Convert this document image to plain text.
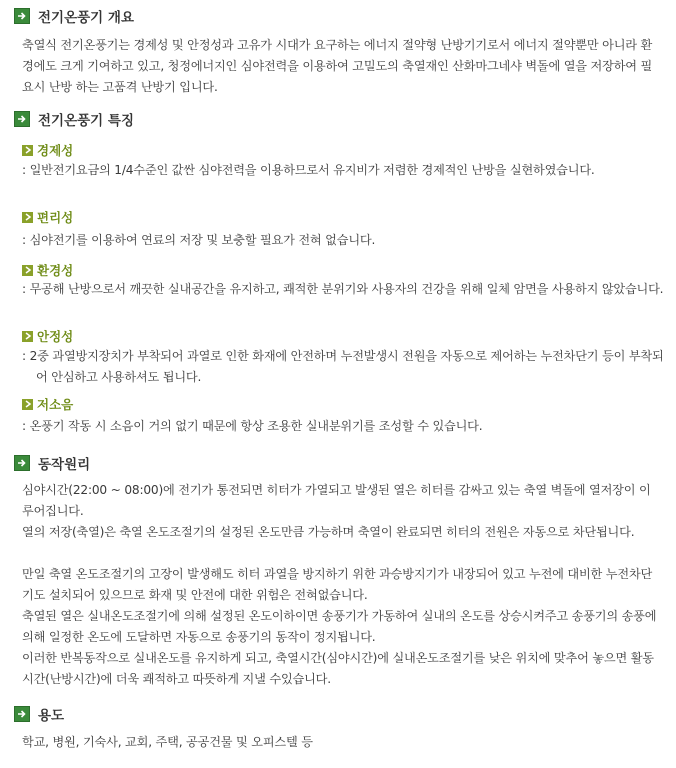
전기온풍기 개요

축열식 전기온풍기는 경제성 및 안정성과 고유가 시대가 요구하는 에너지 절약형 난방기기로서 에너지 절약뿐만 아니라 환경에도 크게 기여하고 있고, 청정에너지인 심야전력을 이용하여 고밀도의 축열재인 산화마그네샤 벽돌에 열을 저장하여 필요시 난방 하는 고품격 난방기 입니다.

전기온풍기 특징
경제성
: 일반전기요금의 1/4수준인 값싼 심야전력을 이용하므로서 유지비가 저렴한 경제적인 난방을 실현하였습니다.
편리성
: 심야전기를 이용하여 연료의 저장 및 보충할 필요가 전혀 없습니다.
환경성
: 무공해 난방으로서 깨끗한 실내공간을 유지하고, 쾌적한 분위기와 사용자의 건강을 위해 일체 암면을 사용하지 않았습니다.
안정성
: 2중 과열방지장치가 부착되어 과열로 인한 화재에 안전하며 누전발생시 전원을 자동으로 제어하는 누전차단기 등이 부착되어 안심하고 사용하셔도 됩니다.
저소음
: 온풍기 작동 시 소음이 거의 없기 때문에 항상 조용한 실내분위기를 조성할 수 있습니다.
동작원리

심야시간(22:00 ~ 08:00)에 전기가 통전되면 히터가 가열되고 발생된 열은 히터를 감싸고 있는 축열 벽돌에 열저장이 이루어집니다.

열의 저장(축열)은 축열 온도조절기의 설정된 온도만큼 가능하며 축열이 완료되면 히터의 전원은 자동으로 차단됩니다.

만일 축열 온도조절기의 고장이 발생해도 히터 과열을 방지하기 위한 과승방지기가 내장되어 있고 누전에 대비한 누전차단기도 설치되어 있으므로 화재 및 안전에 대한 위험은 전혀없습니다.

축열된 열은 실내온도조절기에 의해 설정된 온도이하이면 송풍기가 가동하여 실내의 온도를 상승시켜주고 송풍기의 송풍에 의해 일정한 온도에 도달하면 자동으로 송풍기의 동작이 정지됩니다.

이러한 반복동작으로 실내온도를 유지하게 되고, 축열시간(심야시간)에 실내온도조절기를 낮은 위치에 맞추어 놓으면 활동시간(난방시간)에 더욱 쾌적하고 따뜻하게 지낼 수있습니다.

용도

학교, 병원, 기숙사, 교회, 주택, 공공건물 및 오피스텔 등
